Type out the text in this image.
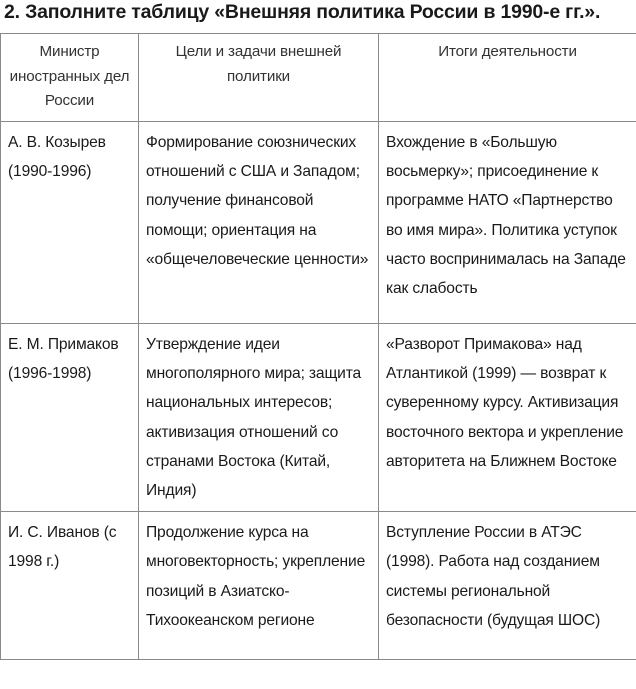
2. Заполните таблицу «Внешняя политика России в 1990-е гг.».
Министр иностранных дел России	Цели и задачи внешней политики	Итоги деятельности
А. В. Козырев (1990-1996)	Формирование союзнических отношений с США и Западом; получение финансовой помощи; ориентация на «общечеловеческие ценности»	Вхождение в «Большую восьмерку»; присоединение к программе НАТО «Партнерство во имя мира». Политика уступок часто воспринималась на Западе как слабость
Е. М. Примаков (1996-1998)	Утверждение идеи многополярного мира; защита национальных интересов; активизация отношений со странами Востока (Китай, Индия)	«Разворот Примакова» над Атлантикой (1999) — возврат к суверенному курсу. Активизация восточного вектора и укрепление авторитета на Ближнем Востоке
И. С. Иванов (с 1998 г.)	Продолжение курса на многовекторность; укрепление позиций в Азиатско-Тихоокеанском регионе	Вступление России в АТЭС (1998). Работа над созданием системы региональной безопасности (будущая ШОС)
